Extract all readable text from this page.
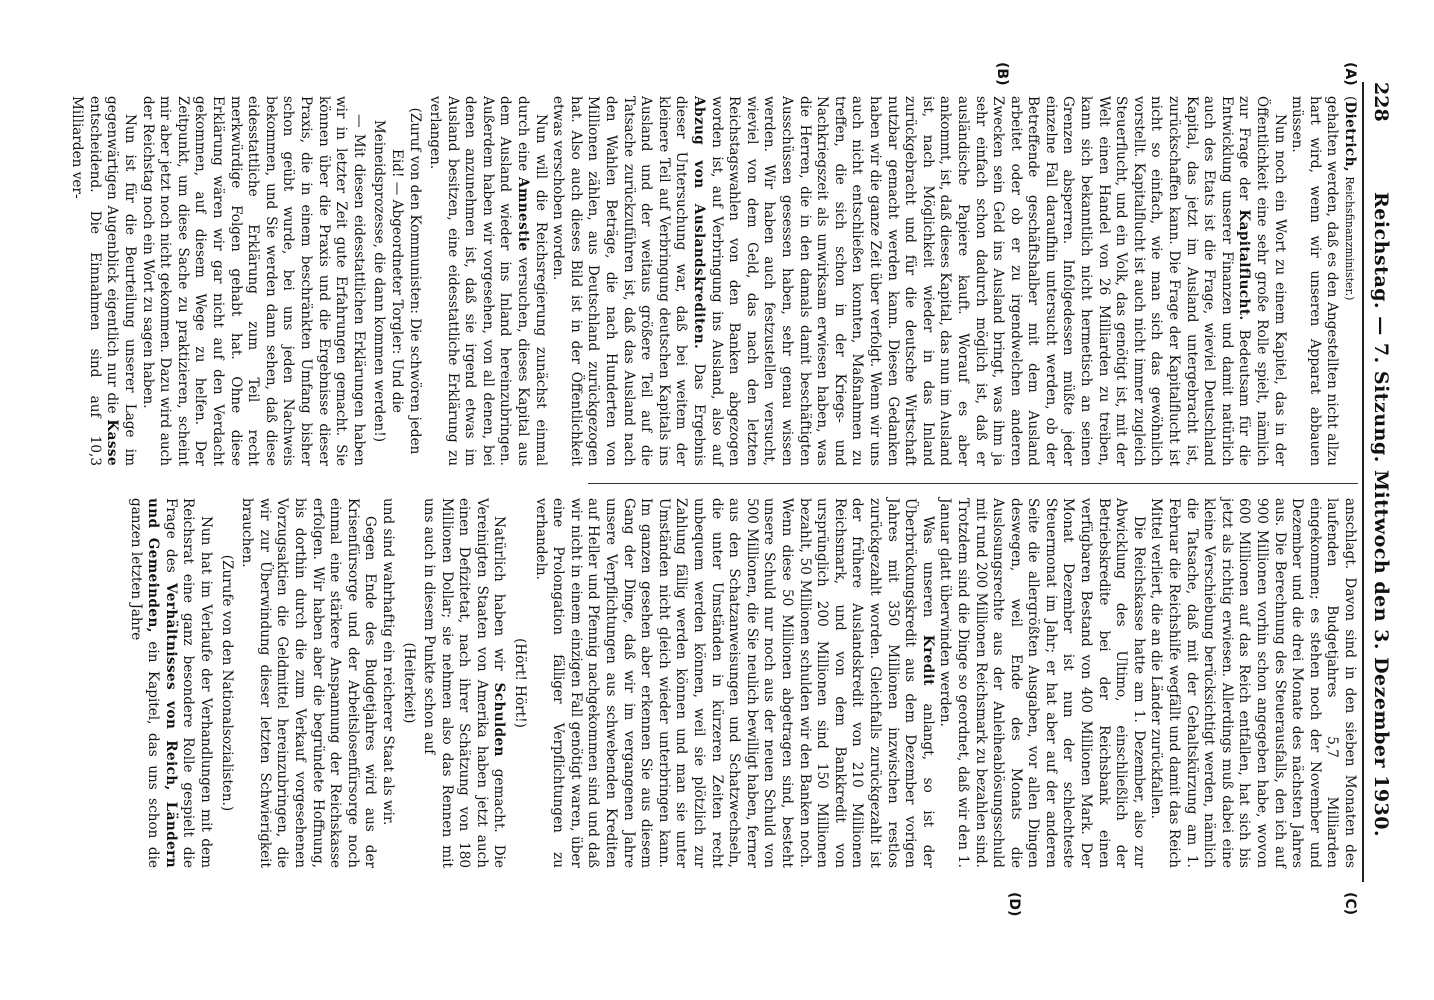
228
Reichstag. — 7. Sitzung. Mittwoch den 3. Dezember 1930.
(A)
(B)
(C)
(D)
(Dietrich, Reichsfinanzminister.)

gehalten werden, daß es den Angestellten nicht allzu hart wird, wenn wir unseren Apparat abbauen müssen.

Nun noch ein Wort zu einem Kapitel, das in der Öffentlichkeit eine sehr große Rolle spielt, nämlich zur Frage der Kapitalflucht. Bedeutsam für die Entwicklung unserer Finanzen und damit natürlich auch des Etats ist die Frage, wieviel Deutschland Kapital, das jetzt im Ausland untergebracht ist, zurückschaffen kann. Die Frage der Kapitalflucht ist nicht so einfach, wie man sich das gewöhnlich vorstellt. Kapitalflucht ist auch nicht immer zugleich Steuerflucht, und ein Volk, das genötigt ist, mit der Welt einen Handel von 26 Milliarden zu treiben, kann sich bekanntlich nicht hermetisch an seinen Grenzen absperren. Infolgedessen müßte jeder einzelne Fall daraufhin untersucht werden, ob der Betreffende geschäftshalber mit dem Ausland arbeitet oder ob er zu irgendwelchen anderen Zwecken sein Geld ins Ausland bringt, was ihm ja sehr einfach schon dadurch möglich ist, daß er ausländische Papiere kauft. Worauf es aber ankommt, ist, daß dieses Kapital, das nun im Ausland ist, nach Möglichkeit wieder in das Inland zurückgebracht und für die deutsche Wirtschaft nutzbar gemacht werden kann. Diesen Gedanken haben wir die ganze Zeit über verfolgt. Wenn wir uns auch nicht entschließen konnten, Maßnahmen zu treffen, die sich schon in der Kriegs- und Nachkriegszeit als unwirksam erwiesen haben, was die Herren, die in den damals damit beschäftigten Ausschüssen gesessen haben, sehr genau wissen werden. Wir haben auch festzustellen versucht, wieviel von dem Geld, das nach den letzten Reichstagswahlen von den Banken abgezogen worden ist, auf Verbringung ins Ausland, also auf Abzug von Auslandskrediten. Das Ergebnis dieser Untersuchung war, daß bei weitem der kleinere Teil auf Verbringung deutschen Kapitals ins Ausland und der weitaus größere Teil auf die Tatsache zurückzuführen ist, daß das Ausland nach den Wahlen Beträge, die nach Hunderten von Millionen zählen, aus Deutschland zurückgezogen hat. Also auch dieses Bild ist in der Öffentlichkeit etwas verschoben worden.

Nun will die Reichsregierung zunächst einmal durch eine Amnestie versuchen, dieses Kapital aus dem Ausland wieder ins Inland hereinzubringen. Außerdem haben wir vorgesehen, von all denen, bei denen anzunehmen ist, daß sie irgend etwas im Ausland besitzen, eine eidesstattliche Erklärung zu verlangen.

(Zuruf von den Kommunisten: Die schwören jeden Eid! — Abgeordneter Torgler: Und die Meineidsprozesse, die dann kommen werden!)

— Mit diesen eidesstattlichen Erklärungen haben wir in letzter Zeit gute Erfahrungen gemacht. Sie können über die Praxis und die Ergebnisse dieser Praxis, die in einem beschränkten Umfang bisher schon geübt wurde, bei uns jeden Nachweis bekommen, und Sie werden dann sehen, daß diese eidesstattliche Erklärung zum Teil recht merkwürdige Folgen gehabt hat. Ohne diese Erklärung wären wir gar nicht auf den Verdacht gekommen, auf diesem Wege zu helfen. Der Zeitpunkt, um diese Sache zu praktizieren, scheint mir aber jetzt noch nicht gekommen. Dazu wird auch der Reichstag noch ein Wort zu sagen haben.

Nun ist für die Beurteilung unserer Lage im gegenwärtigen Augenblick eigentlich nur die Kasse entscheidend. Die Einnahmen sind auf 10,3 Milliarden ver-

anschlagt. Davon sind in den sieben Monaten des laufenden Budgetjahres 5,7 Milliarden eingekommen; es stehen noch der November und Dezember und die drei Monate des nächsten Jahres aus. Die Berechnung des Steuerausfalls, den ich auf 900 Millionen vorhin schon angegeben habe, wovon 600 Millionen auf das Reich entfallen, hat sich bis jetzt als richtig erwiesen. Allerdings muß dabei eine kleine Verschiebung berücksichtigt werden, nämlich die Tatsache, daß mit der Gehaltskürzung am 1. Februar die Reichshilfe wegfällt und damit das Reich Mittel verliert, die an die Länder zurückfallen.

Die Reichskasse hatte am 1. Dezember, also zur Abwicklung des Ultimo, einschließlich der Betriebskredite bei der Reichsbank einen verfügbaren Bestand von 400 Millionen Mark. Der Monat Dezember ist nun der schlechteste Steuermonat im Jahr; er hat aber auf der anderen Seite die allergrößten Ausgaben, vor allen Dingen deswegen, weil Ende des Monats die Auslosungsrechte aus der Anleiheablösungsschuld mit rund 200 Millionen Reichsmark zu bezahlen sind. Trotzdem sind die Dinge so geordnet, daß wir den 1. Januar glatt überwinden werden.

Was unseren Kredit anlangt, so ist der Überbrückungskredit aus dem Dezember vorigen Jahres mit 350 Millionen inzwischen restlos zurückgezahlt worden. Gleichfalls zurückgezahlt ist der frühere Auslandskredit von 210 Millionen Reichsmark, und von dem Bankkredit von ursprünglich 200 Millionen sind 150 Millionen bezahlt, 50 Millionen schulden wir den Banken noch. Wenn diese 50 Millionen abgetragen sind, besteht unsere Schuld nur noch aus der neuen Schuld von 500 Millionen, die Sie neulich bewilligt haben, ferner aus den Schatzanweisungen und Schatzwechseln, die unter Umständen in kürzeren Zeiten recht unbequem werden können, weil sie plötzlich zur Zahlung fällig werden können und man sie unter Umständen nicht gleich wieder unterbringen kann. Im ganzen gesehen aber erkennen Sie aus diesem Gang der Dinge, daß wir im vergangenen Jahre unsere Verpflichtungen aus schwebenden Krediten auf Heller und Pfennig nachgekommen sind und daß wir nicht in einem einzigen Fall genötigt waren, über eine Prolongation fälliger Verpflichtungen zu verhandeln.

(Hört! Hört!)

Natürlich haben wir Schulden gemacht. Die Vereinigten Staaten von Amerika haben jetzt auch einen Defizitetat, nach ihrer Schätzung von 180 Millionen Dollar; sie nehmen also das Rennen mit uns auch in diesem Punkte schon auf

(Heiterkeit)

und sind wahrhaftig ein reicherer Staat als wir.

Gegen Ende des Budgetjahres wird aus der Krisenfürsorge und der Arbeitslosenfürsorge noch einmal eine stärkere Anspannung der Reichskasse erfolgen. Wir haben aber die begründete Hoffnung, bis dorthin durch die zum Verkauf vorgesehenen Vorzugsaktien die Geldmittel hereinzubringen, die wir zur Überwindung dieser letzten Schwierigkeit brauchen.

(Zurufe von den Nationalsozialisten.)

Nun hat im Verlaufe der Verhandlungen mit dem Reichsrat eine ganz besondere Rolle gespielt die Frage des Verhältnisses von Reich, Ländern und Gemeinden, ein Kapitel, das uns schon die ganzen letzten Jahre
